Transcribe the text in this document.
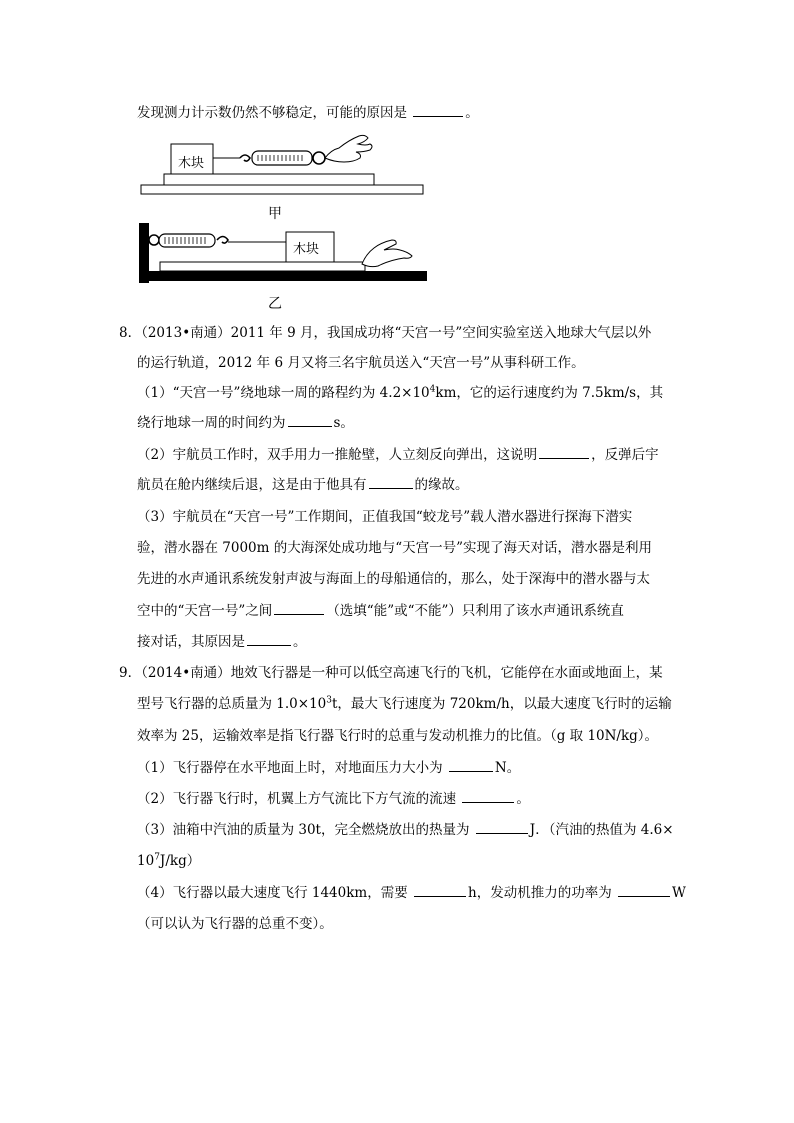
发现测力计示数仍然不够稳定，可能的原因是	。
甲
木块
乙
木块
8．（2013•南通）2011 年 9 月，我国成功将“天宫一号”空间实验室送入地球大气层以外
的运行轨道，2012 年 6 月又将三名宇航员送入“天宫一号”从事科研工作。
（1）“天宫一号”绕地球一周的路程约为 $4.2\times 10^4km$，它的运行速度约为 7.5km/s，其
绕行地球一周的时间约为	s。
（2）宇航员工作时，双手用力一推舱壁，人立刻反向弹出，这说明	，反弹后宇
航员在舱内继续后退，这是由于他具有	的缘故。
（3）宇航员在“天宫一号”工作期间，正值我国“蛟龙号”载人潜水器进行探海下潜实
验，潜水器在 7000m 的大海深处成功地与“天宫一号”实现了海天对话，潜水器是利用
先进的水声通讯系统发射声波与海面上的母船通信的，那么，处于深海中的潜水器与太
空中的“天宫一号”之间	（选填“能”或“不能”）只利用了该水声通讯系统直
接对话，其原因是	。
9．（2014•南通）地效飞行器是一种可以低空高速飞行的飞机，它能停在水面或地面上，某
型号飞行器的总质量为 $1.0\times 10^3t$，最大飞行速度为 720km/h，以最大速度飞行时的运输
效率为 25，运输效率是指飞行器飞行时的总重与发动机推力的比值。（g 取 10N/kg）。
（1）飞行器停在水平地面上时，对地面压力大小为	N。
（2）飞行器飞行时，机翼上方气流比下方气流的流速	。
（3）油箱中汽油的质量为 30t，完全燃烧放出的热量为	J．（汽油的热值为 4.6×
$10^7J/kg$）
（4）飞行器以最大速度飞行 1440km，需要	h，发动机推力的功率为	W
（可以认为飞行器的总重不变）。
